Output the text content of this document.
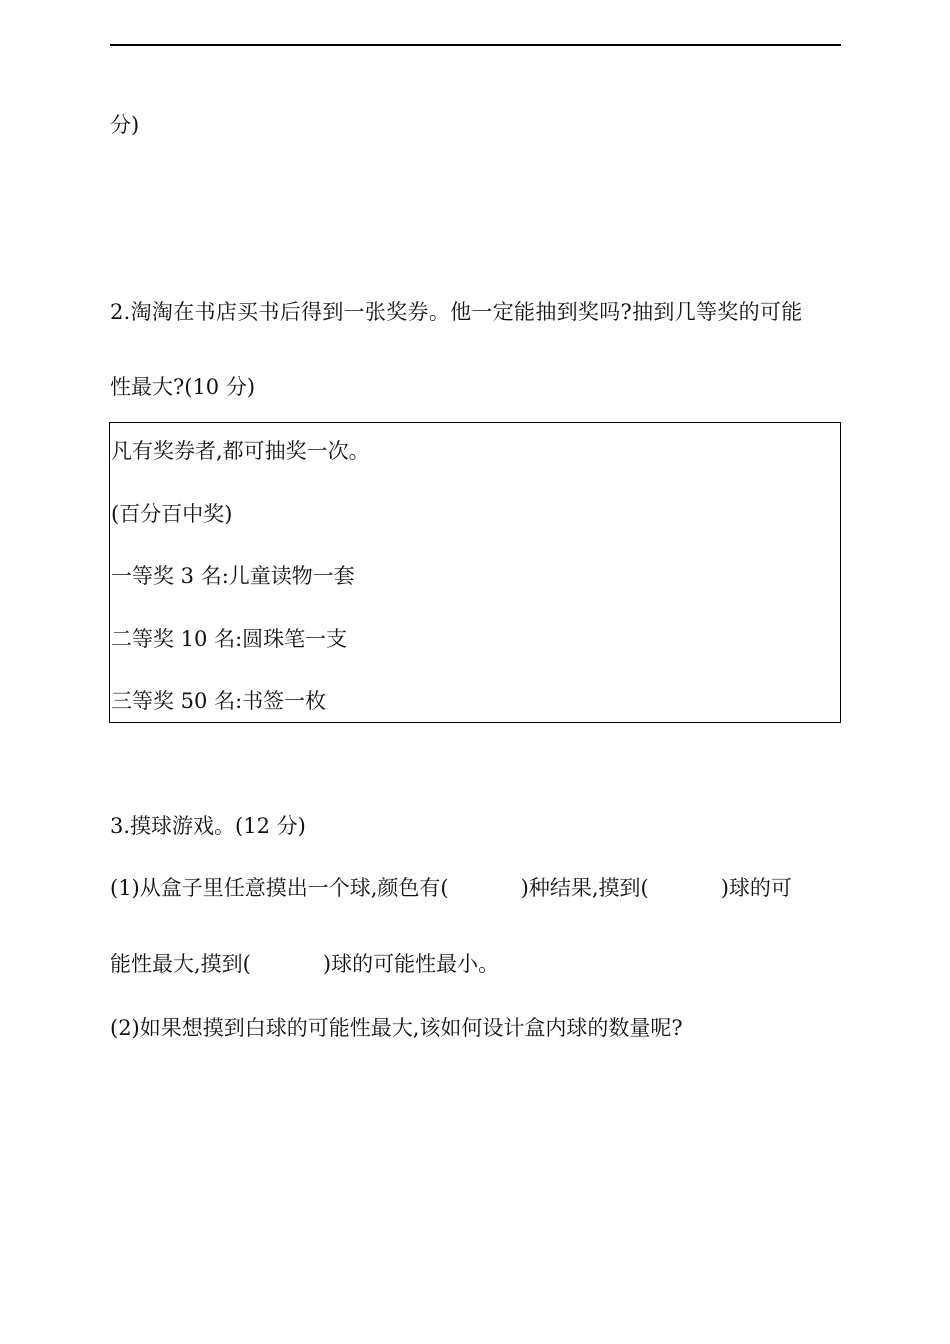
分)
2.淘淘在书店买书后得到一张奖券。他一定能抽到奖吗?抽到几等奖的可能
性最大?(10 分)
凡有奖券者,都可抽奖一次。
(百分百中奖)
一等奖 3 名:儿童读物一套
二等奖 10 名:圆珠笔一支
三等奖 50 名:书签一枚
3.摸球游戏。(12 分)
(1)从盒子里任意摸出一个球,颜色有(	)种结果,摸到(	)球的可
能性最大,摸到(	)球的可能性最小。
(2)如果想摸到白球的可能性最大,该如何设计盒内球的数量呢?
